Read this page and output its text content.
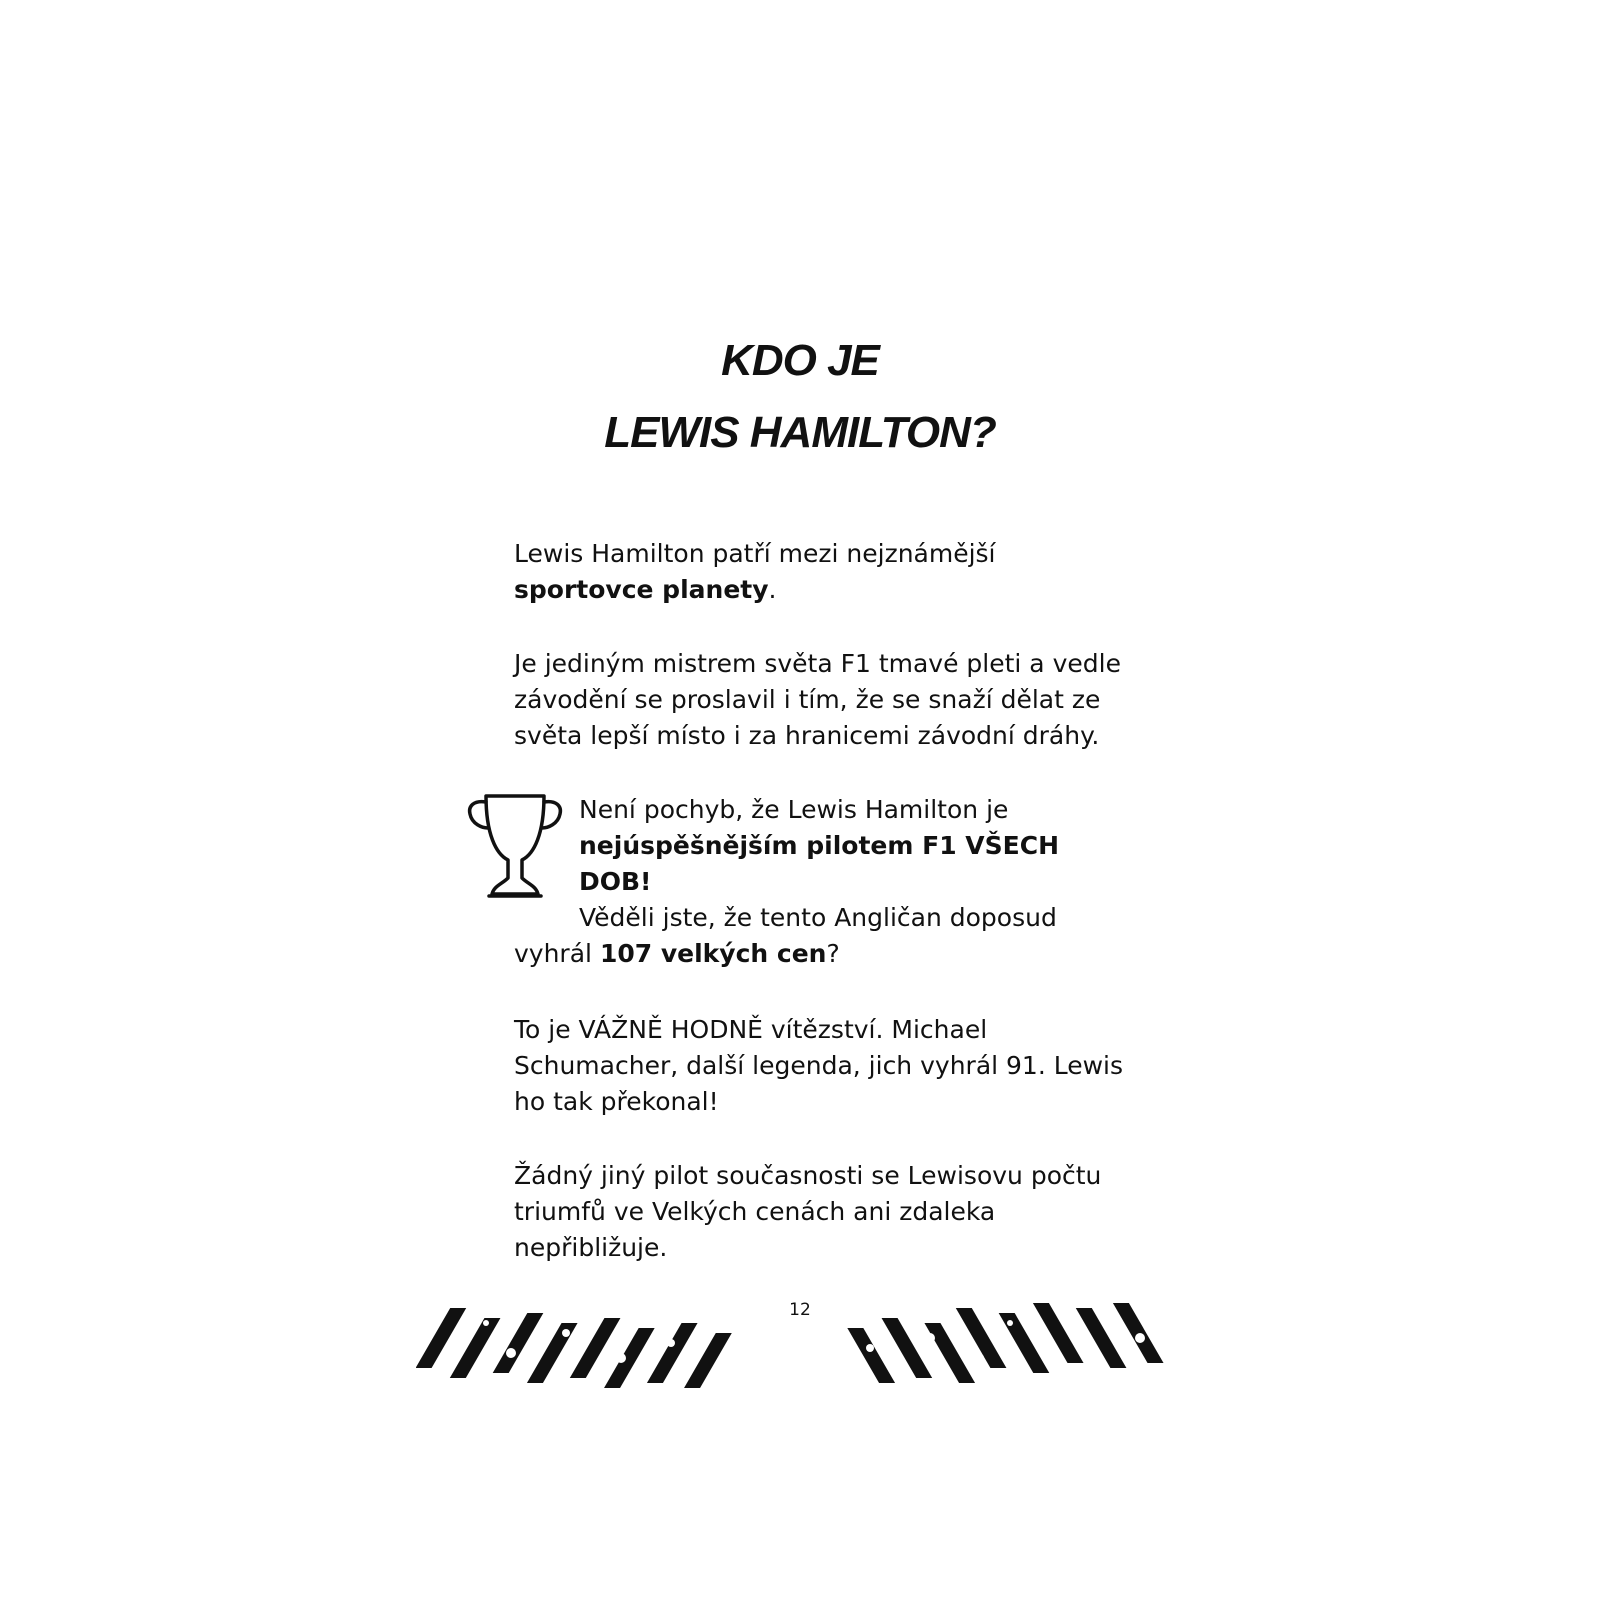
KDO JE
LEWIS HAMILTON?

Lewis Hamilton patří mezi nejznámější sportovce planety.

Je jediným mistrem světa F1 tmavé pleti a vedle závodění se proslavil i tím, že se snaží dělat ze světa lepší místo i za hranicemi závodní dráhy.

Není pochyb, že Lewis Hamilton je nejúspěšnějším pilotem F1 VŠECH DOB!

Věděli jste, že tento Angličan doposud vyhrál 107 velkých cen?

To je VÁŽNĚ HODNĚ vítězství. Michael Schumacher, další legenda, jich vyhrál 91. Lewis ho tak překonal!

Žádný jiný pilot současnosti se Lewisovu počtu triumfů ve Velkých cenách ani zdaleka nepřibližuje.

12
